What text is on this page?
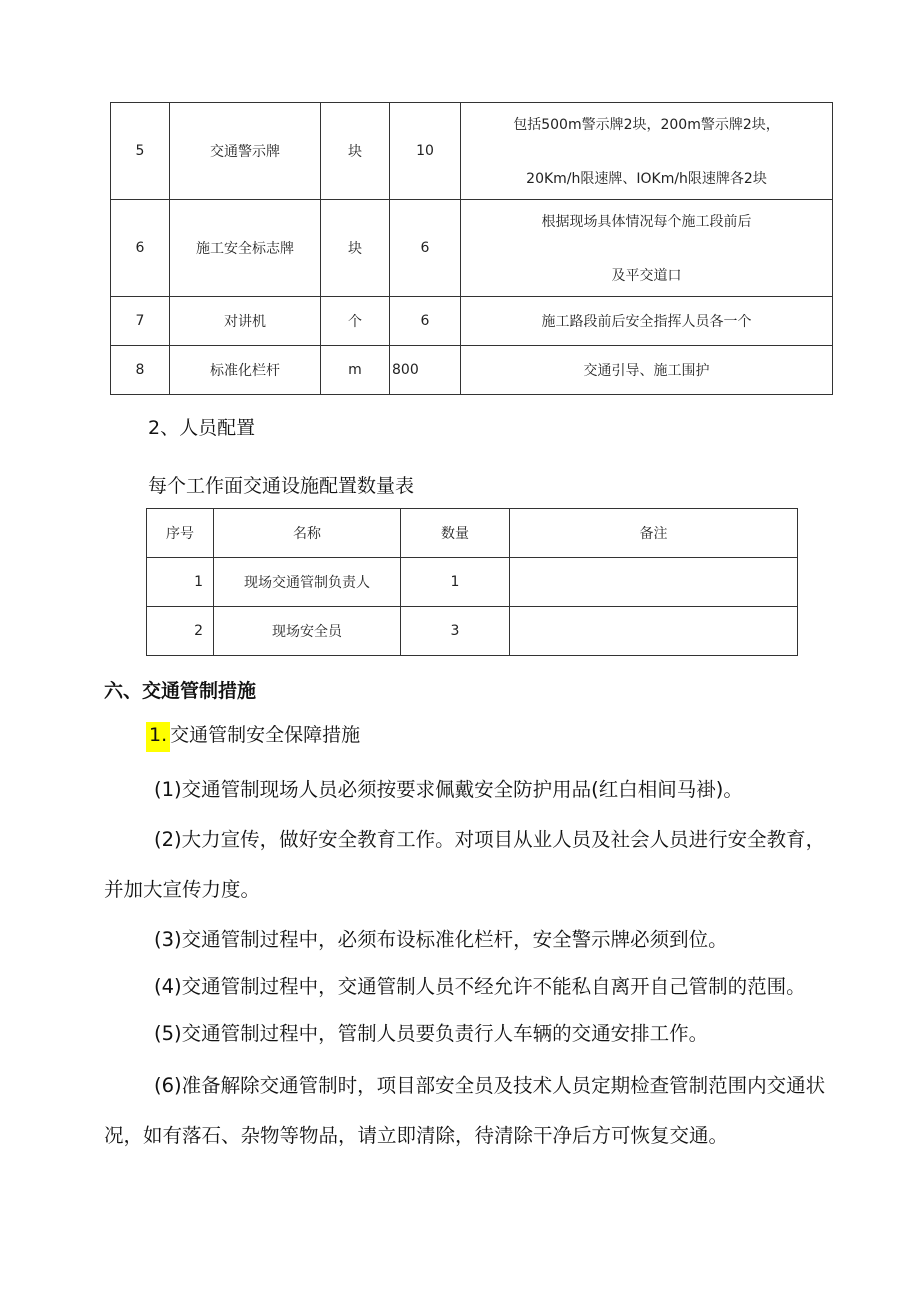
5	交通警示牌	块	10	包括500m警示牌2块，200m警示牌2块，
20Km/h限速牌、IOKm/h限速牌各2块

6	施工安全标志牌	块	6	根据现场具体情况每个施工段前后
及平交道口

7	对讲机	个	6	施工路段前后安全指挥人员各一个
8	标准化栏杆	m	800	交通引导、施工围护
2、人员配置
每个工作面交通设施配置数量表
序号	名称	数量	备注
1	现场交通管制负责人	1	
2	现场安全员	3	
六、交通管制措施
1. 交通管制安全保障措施
(1)交通管制现场人员必须按要求佩戴安全防护用品(红白相间马褂)。
(2)大力宣传，做好安全教育工作。对项目从业人员及社会人员进行安全教育，并加大宣传力度。
(3)交通管制过程中，必须布设标准化栏杆，安全警示牌必须到位。
(4)交通管制过程中，交通管制人员不经允许不能私自离开自己管制的范围。
(5)交通管制过程中，管制人员要负责行人车辆的交通安排工作。
(6)准备解除交通管制时，项目部安全员及技术人员定期检查管制范围内交通状况，如有落石、杂物等物品，请立即清除，待清除干净后方可恢复交通。
